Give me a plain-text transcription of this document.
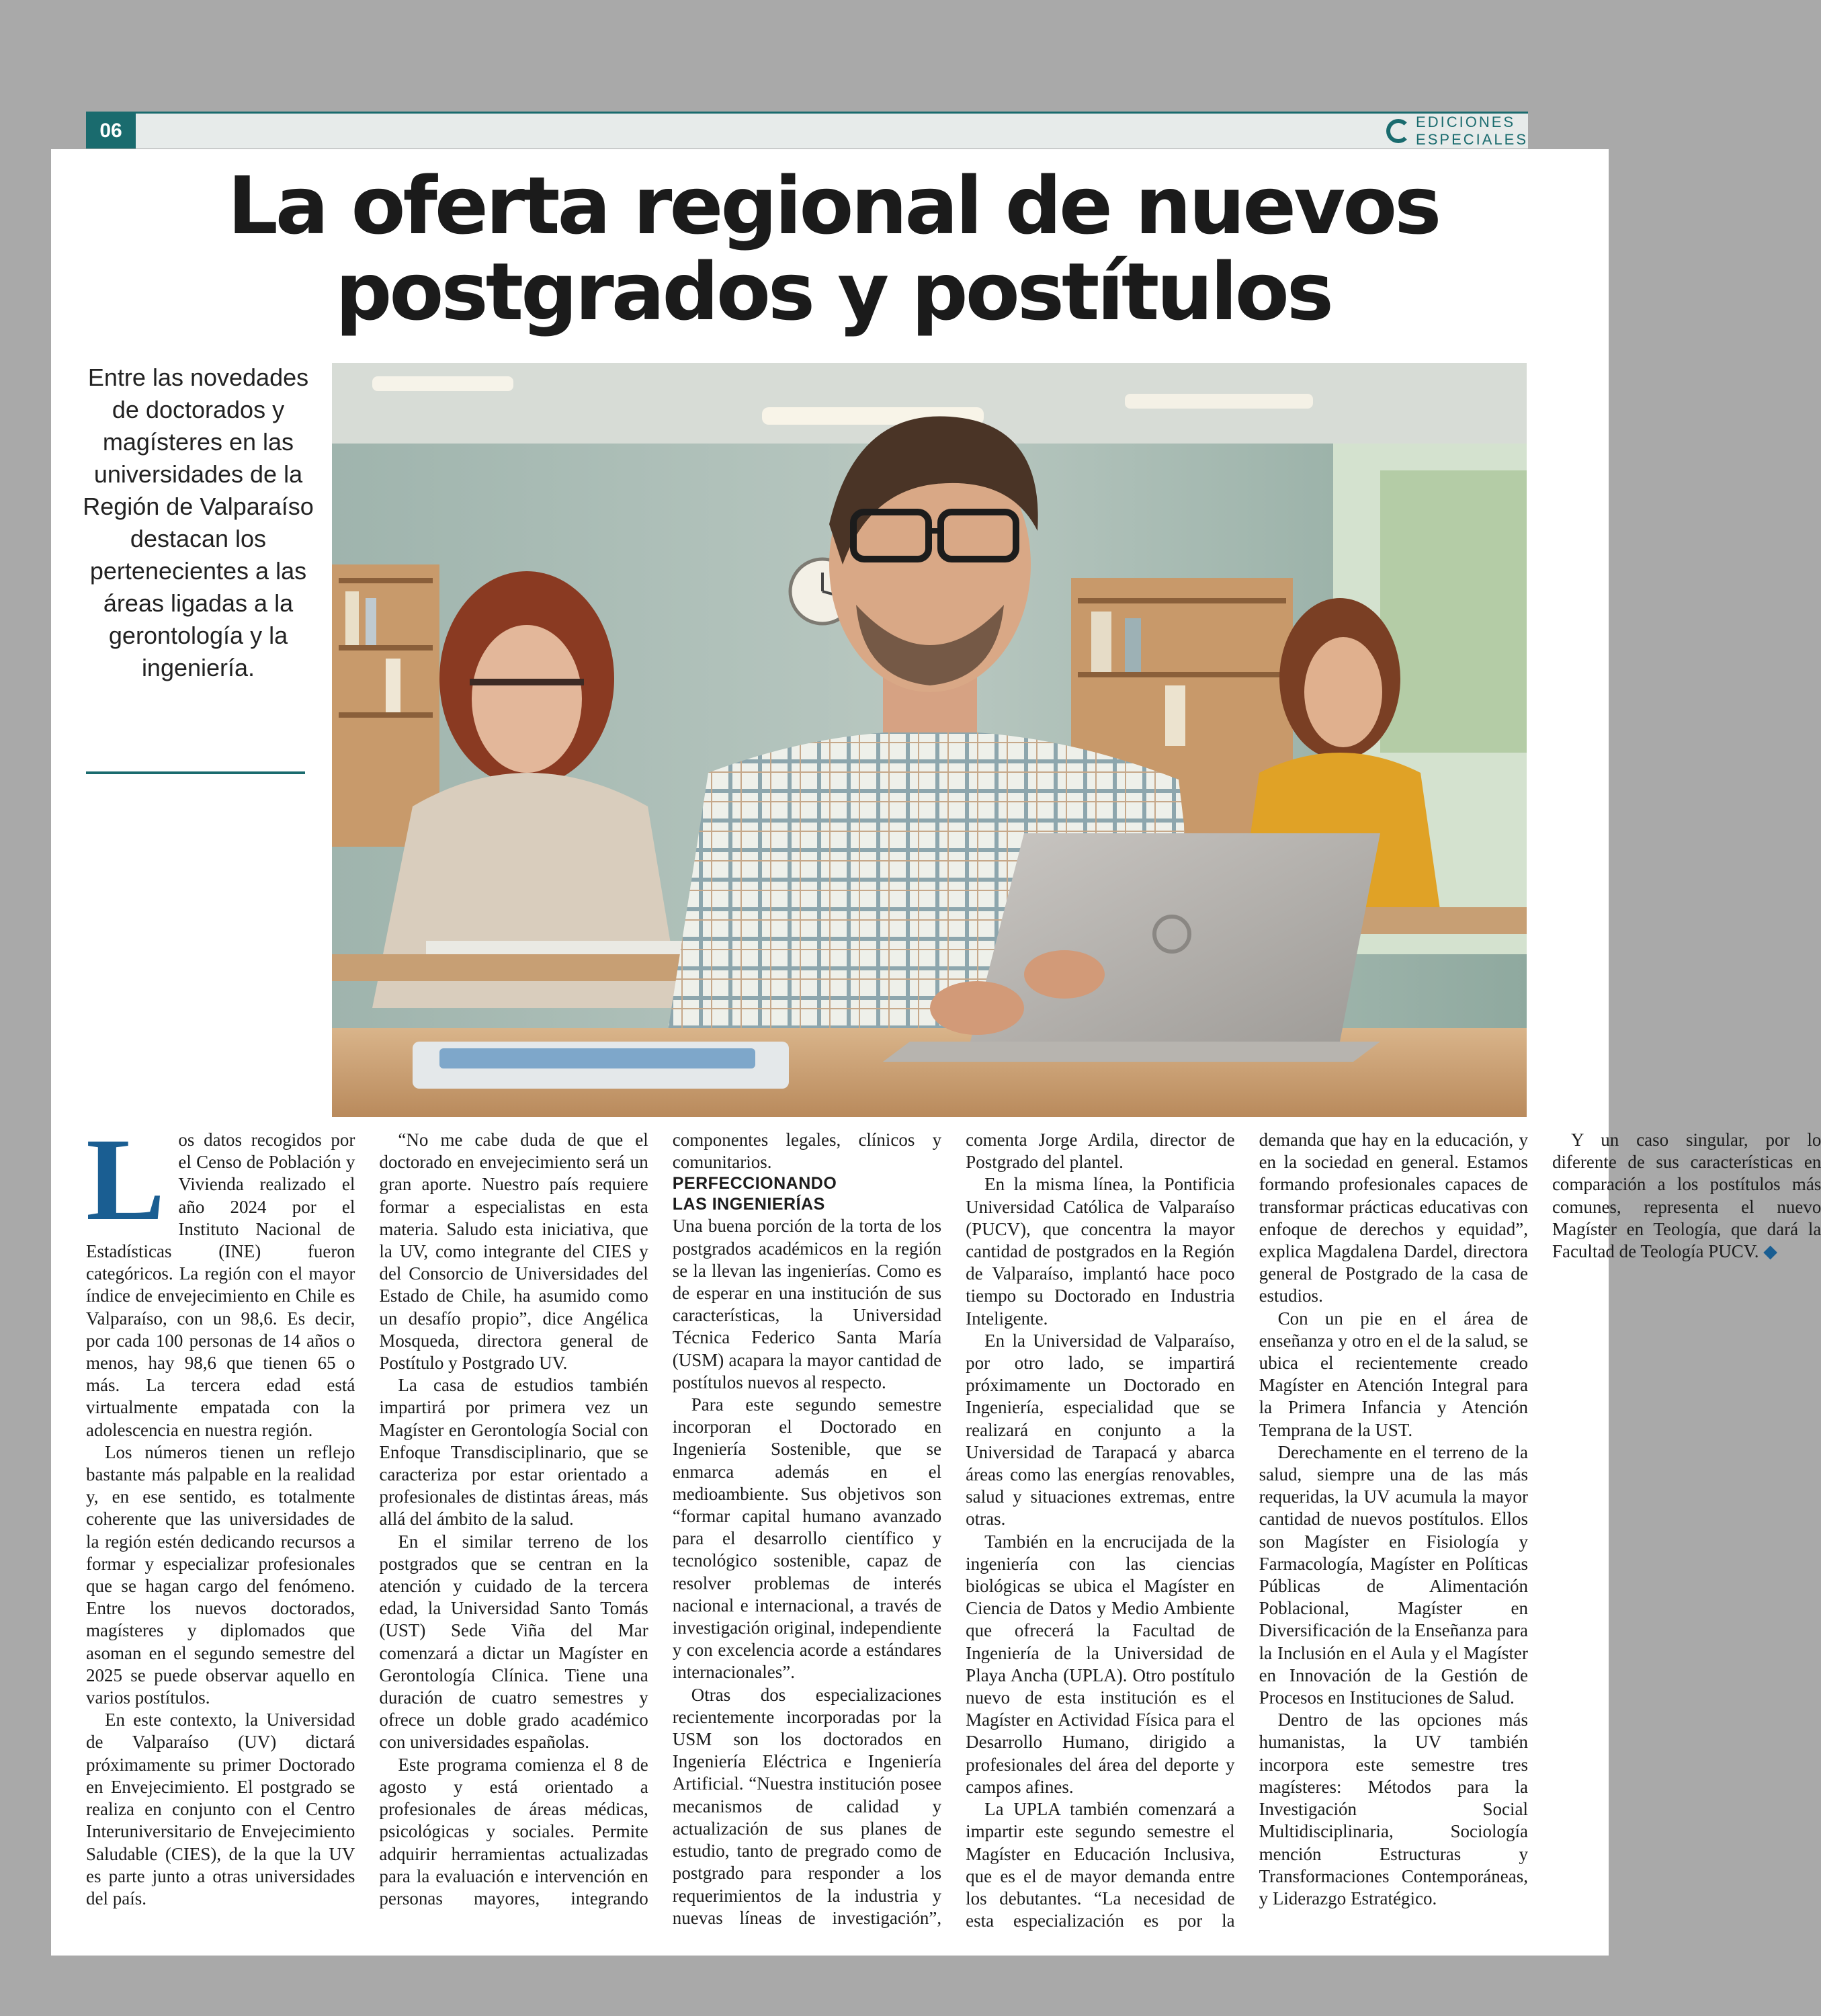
06	EDICIONES
ESPECIALES
La oferta regional de nuevos postgrados y postítulos

Entre las novedades de doctorados y magísteres en las universidades de la Región de Valparaíso destacan los pertenecientes a las áreas ligadas a la gerontología y la ingeniería.

L os datos recogidos por el Censo de Población y Vivienda realizado el año 2024 por el Instituto Nacional de Estadísticas (INE) fueron categóricos. La región con el mayor índice de envejecimiento en Chile es Valparaíso, con un 98,6. Es decir, por cada 100 personas de 14 años o menos, hay 98,6 que tienen 65 o más. La tercera edad está virtualmente empatada con la adolescencia en nuestra región.

Los números tienen un reflejo bastante más palpable en la realidad y, en ese sentido, es totalmente coherente que las universidades de la región estén dedicando recursos a formar y especializar profesionales que se hagan cargo del fenómeno. Entre los nuevos doctorados, magísteres y diplomados que asoman en el segundo semestre del 2025 se puede observar aquello en varios postítulos.

En este contexto, la Universidad de Valparaíso (UV) dictará próximamente su primer Doctorado en Envejecimiento. El postgrado se realiza en conjunto con el Centro Interuniversitario de Envejecimiento Saludable (CIES), de la que la UV es parte junto a otras universidades del país.

“No me cabe duda de que el doctorado en envejecimiento será un gran aporte. Nuestro país requiere formar a especialistas en esta materia. Saludo esta iniciativa, que la UV, como integrante del CIES y del Consorcio de Universidades del Estado de Chile, ha asumido como un desafío propio”, dice Angélica Mosqueda, directora general de Postítulo y Postgrado UV.

La casa de estudios también impartirá por primera vez un Magíster en Gerontología Social con Enfoque Transdisciplinario, que se caracteriza por estar orientado a profesionales de distintas áreas, más allá del ámbito de la salud.

En el similar terreno de los postgrados que se centran en la atención y cuidado de la tercera edad, la Universidad Santo Tomás (UST) Sede Viña del Mar comenzará a dictar un Magíster en Gerontología Clínica. Tiene una duración de cuatro semestres y ofrece un doble grado académico con universidades españolas.

Este programa comienza el 8 de agosto y está orientado a profesionales de áreas médicas, psicológicas y sociales. Permite adquirir herramientas actualizadas para la evaluación e intervención en personas mayores, integrando componentes legales, clínicos y comunitarios.

PERFECCIONANDO
LAS INGENIERÍAS

Una buena porción de la torta de los postgrados académicos en la región se la llevan las ingenierías. Como es de esperar en una institución de sus características, la Universidad Técnica Federico Santa María (USM) acapara la mayor cantidad de postítulos nuevos al respecto.

Para este segundo semestre incorporan el Doctorado en Ingeniería Sostenible, que se enmarca además en el medioambiente. Sus objetivos son “formar capital humano avanzado para el desarrollo científico y tecnológico sostenible, capaz de resolver problemas de interés nacional e internacional, a través de investigación original, independiente y con excelencia acorde a estándares internacionales”.

Otras dos especializaciones recientemente incorporadas por la USM son los doctorados en Ingeniería Eléctrica e Ingeniería Artificial. “Nuestra institución posee mecanismos de calidad y actualización de sus planes de estudio, tanto de pregrado como de postgrado para responder a los requerimientos de la industria y nuevas líneas de investigación”, comenta Jorge Ardila, director de Postgrado del plantel.

En la misma línea, la Pontificia Universidad Católica de Valparaíso (PUCV), que concentra la mayor cantidad de postgrados en la Región de Valparaíso, implantó hace poco tiempo su Doctorado en Industria Inteligente.

En la Universidad de Valparaíso, por otro lado, se impartirá próximamente un Doctorado en Ingeniería, especialidad que se realizará en conjunto a la Universidad de Tarapacá y abarca áreas como las energías renovables, salud y situaciones extremas, entre otras.

También en la encrucijada de la ingeniería con las ciencias biológicas se ubica el Magíster en Ciencia de Datos y Medio Ambiente que ofrecerá la Facultad de Ingeniería de la Universidad de Playa Ancha (UPLA). Otro postítulo nuevo de esta institución es el Magíster en Actividad Física para el Desarrollo Humano, dirigido a profesionales del área del deporte y campos afines.

La UPLA también comenzará a impartir este segundo semestre el Magíster en Educación Inclusiva, que es el de mayor demanda entre los debutantes. “La necesidad de esta especialización es por la demanda que hay en la educación, y en la sociedad en general. Estamos formando profesionales capaces de transformar prácticas educativas con enfoque de derechos y equidad”, explica Magdalena Dardel, directora general de Postgrado de la casa de estudios.

Con un pie en el área de enseñanza y otro en el de la salud, se ubica el recientemente creado Magíster en Atención Integral para la Primera Infancia y Atención Temprana de la UST.

Derechamente en el terreno de la salud, siempre una de las más requeridas, la UV acumula la mayor cantidad de nuevos postítulos. Ellos son Magíster en Fisiología y Farmacología, Magíster en Políticas Públicas de Alimentación Poblacional, Magíster en Diversificación de la Enseñanza para la Inclusión en el Aula y el Magíster en Innovación de la Gestión de Procesos en Instituciones de Salud.

Dentro de las opciones más humanistas, la UV también incorpora este semestre tres magísteres: Métodos para la Investigación Social Multidisciplinaria, Sociología mención Estructuras y Transformaciones Contemporáneas, y Liderazgo Estratégico.

Y un caso singular, por lo diferente de sus características en comparación a los postítulos más comunes, representa el nuevo Magíster en Teología, que dará la Facultad de Teología PUCV. ◆
